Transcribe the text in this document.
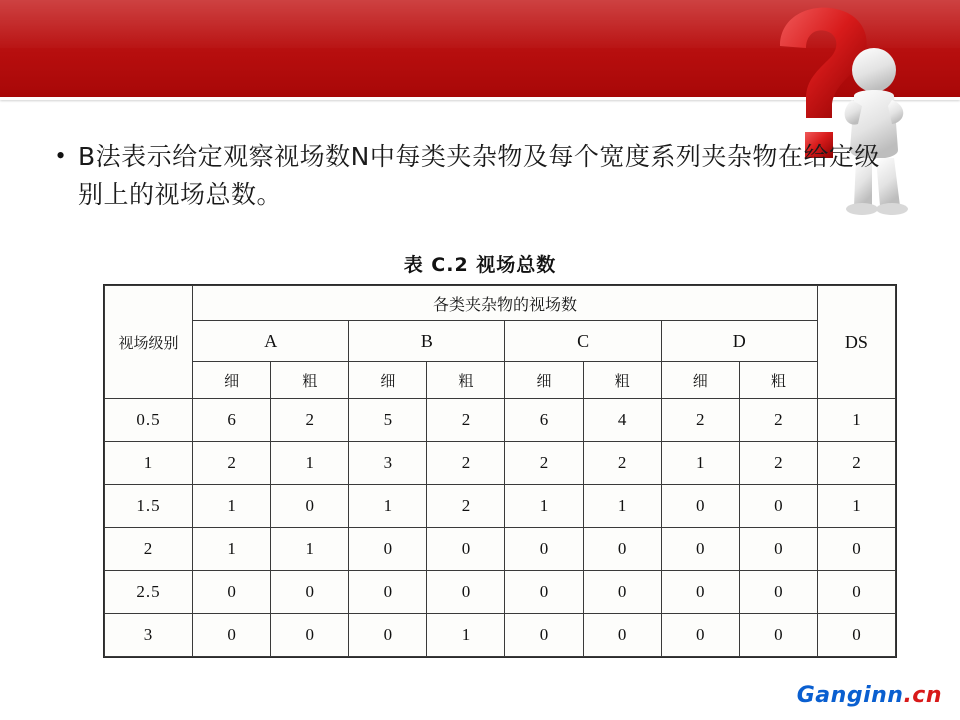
• B法表示给定观察视场数N中每类夹杂物及每个宽度系列夹杂物在给定级别上的视场总数。
表 C.2 视场总数
视场级别	各类夹杂物的视场数								DS
	A		B		C		D		
	细	粗	细	粗	细	粗	细	粗	
0.5	6	2	5	2	6	4	2	2	1
1	2	1	3	2	2	2	1	2	2
1.5	1	0	1	2	1	1	0	0	1
2	1	1	0	0	0	0	0	0	0
2.5	0	0	0	0	0	0	0	0	0
3	0	0	0	1	0	0	0	0	0
Ganginn.cn
